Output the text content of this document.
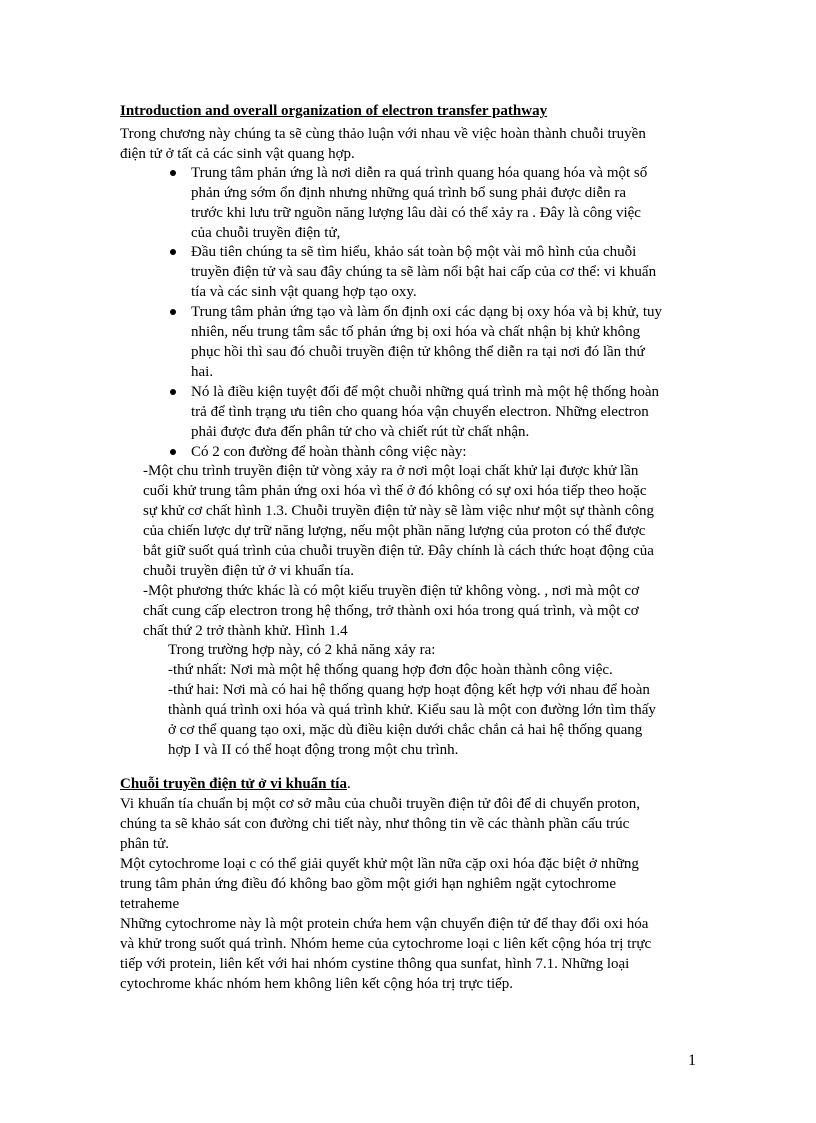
Introduction and overall organization of electron transfer pathway
Trong chương này chúng ta sẽ cùng thảo luận với nhau về việc hoàn thành chuỗi truyền
điện tử ở tất cả các sinh vật quang hợp.
Trung tâm phản ứng là nơi diễn ra quá trình quang hóa quang hóa và một số
phản ứng sớm ổn định nhưng những quá trình bổ sung phải được diễn ra
trước khi lưu trữ nguồn năng lượng lâu dài có thể xảy ra . Đây là công việc
của chuỗi truyền điện tử,
Đầu tiên chúng ta sẽ tìm hiểu, khảo sát toàn bộ một vài mô hình của chuỗi
truyền điện tử và sau đây chúng ta sẽ làm nổi bật hai cấp của cơ thể: vi khuẩn
tía và các sinh vật quang hợp tạo oxy.
Trung tâm phản ứng tạo và làm ổn định oxi các dạng bị oxy hóa và bị khử, tuy
nhiên, nếu trung tâm sắc tố phản ứng bị oxi hóa và chất nhận bị khử không
phục hồi thì sau đó chuỗi truyền điện tử không thể diễn ra tại nơi đó lần thứ
hai.
Nó là điều kiện tuyệt đối để một chuỗi những quá trình mà một hệ thống hoàn
trả để tình trạng ưu tiên cho quang hóa vận chuyển electron. Những electron
phải được đưa đến phân tử cho và chiết rút từ chất nhận.
Có 2 con đường để hoàn thành công việc này:
-Một chu trình truyền điện tử vòng xảy ra ở nơi một loại chất khử lại được khử lần
cuối khử trung tâm phản ứng oxi hóa vì thế ở đó không có sự oxi hóa tiếp theo hoặc
sự khử cơ chất hình 1.3. Chuỗi truyền điện tử này sẽ làm việc như một sự thành công
của chiến lược dự trữ năng lượng, nếu một phần năng lượng của proton có thể được
bắt giữ suốt quá trình của chuỗi truyền điện tử. Đây chính là cách thức hoạt động của
chuỗi truyền điện tử ở vi khuẩn tía.
-Một phương thức khác là có một kiểu truyền điện tử không vòng. , nơi mà một cơ
chất cung cấp electron trong hệ thống, trở thành oxi hóa trong quá trình, và một cơ
chất thứ 2 trở thành khử. Hình 1.4
Trong trường hợp này, có 2 khả năng xảy ra:
-thứ nhất: Nơi mà một hệ thống quang hợp đơn độc hoàn thành công việc.
-thứ hai: Nơi mà có hai hệ thống quang hợp hoạt động kết hợp với nhau để hoàn
thành quá trình oxi hóa và quá trình khử. Kiểu sau là một con đường lớn tìm thấy
ở cơ thể quang tạo oxi, mặc dù điều kiện dưới chắc chắn cả hai hệ thống quang
hợp I và II có thể hoạt động trong một chu trình.
Chuỗi truyền điện tử ở vi khuẩn tía.
Vi khuẩn tía chuẩn bị một cơ sở mẫu của chuỗi truyền điện tử đôi để di chuyển proton,
chúng ta sẽ khảo sát con đường chi tiết này, như thông tin về các thành phần cấu trúc
phân tử.
Một cytochrome loại c có thể giải quyết khử một lần nữa cặp oxi hóa đặc biệt ở những
trung tâm phản ứng điều đó không bao gồm một giới hạn nghiêm ngặt cytochrome
tetraheme
Những cytochrome này là một protein chứa hem vận chuyển điện tử để thay đổi oxi hóa
và khử trong suốt quá trình. Nhóm heme của cytochrome loại c liên kết cộng hóa trị trực
tiếp với protein, liên kết với hai nhóm cystine thông qua sunfat, hình 7.1. Những loại
cytochrome khác nhóm hem không liên kết cộng hóa trị trực tiếp.
1
